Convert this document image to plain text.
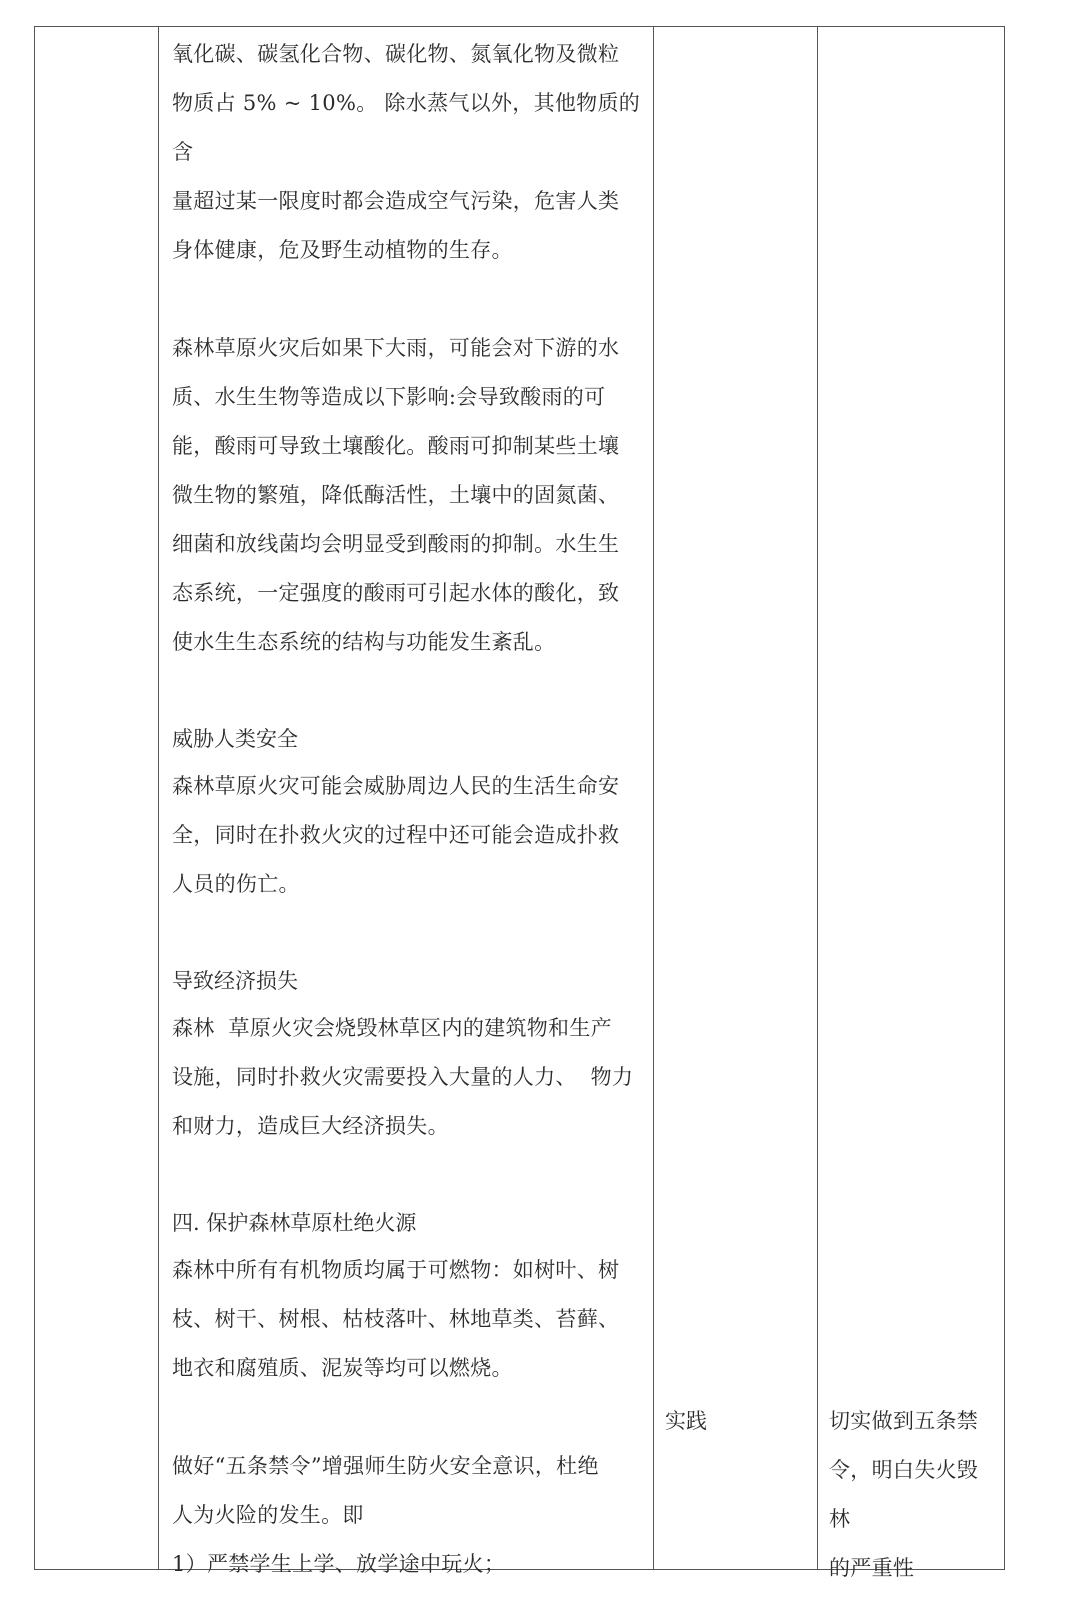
氧化碳、碳氢化合物、碳化物、氮氧化物及微粒

物质占 5% ~ 10%。 除水蒸气以外，其他物质的含

量超过某一限度时都会造成空气污染，危害人类

身体健康，危及野生动植物的生存。

森林草原火灾后如果下大雨，可能会对下游的水

质、水生生物等造成以下影响:会导致酸雨的可

能，酸雨可导致土壤酸化。酸雨可抑制某些土壤

微生物的繁殖，降低酶活性，土壤中的固氮菌、

细菌和放线菌均会明显受到酸雨的抑制。水生生

态系统，一定强度的酸雨可引起水体的酸化，致

使水生生态系统的结构与功能发生紊乱。

威胁人类安全

森林草原火灾可能会威胁周边人民的生活生命安

全，同时在扑救火灾的过程中还可能会造成扑救

人员的伤亡。

导致经济损失

森林  草原火灾会烧毁林草区内的建筑物和生产

设施，同时扑救火灾需要投入大量的人力、  物力

和财力，造成巨大经济损失。

四. 保护森林草原杜绝火源

森林中所有有机物质均属于可燃物：如树叶、树

枝、树干、树根、枯枝落叶、林地草类、苔藓、

地衣和腐殖质、泥炭等均可以燃烧。

做好“五条禁令”增强师生防火安全意识，杜绝

人为火险的发生。即

1）严禁学生上学、放学途中玩火；

实践	切实做到五条禁

令，明白失火毁林

的严重性
